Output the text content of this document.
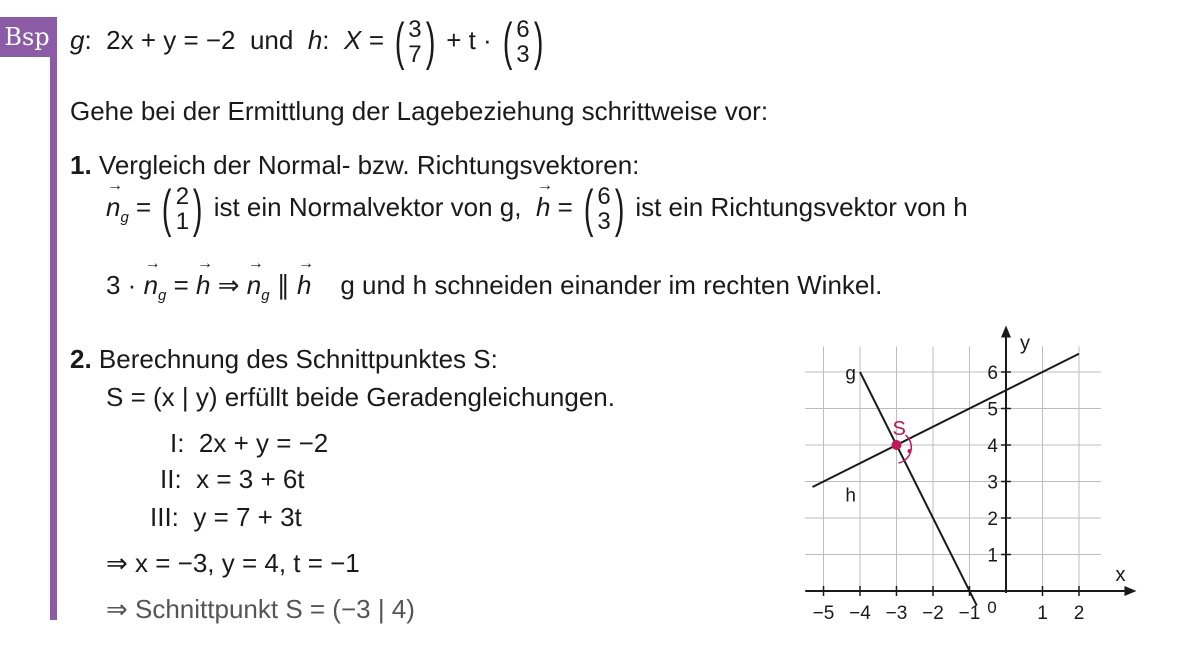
Bsp g:  2x + y = −2 und h:  X = ( 3
7 ) + t · ( 6
3 )
Gehe bei der Ermittlung der Lagebeziehung schrittweise vor:
1. Vergleich der Normal- bzw. Richtungsvektoren:
→ $n_g$ = ( 2
1 ) ist ein Normalvektor von g,  → h = ( 6
3 ) ist ein Richtungsvektor von h
3 · → $n_g$ = → h ⇒ → $n_g$ ∥ → h g und h schneiden einander im rechten Winkel.
2. Berechnung des Schnittpunktes S:
S = (x | y) erfüllt beide Geradengleichungen.
I: 2x + y = −2
II: x = 3 + 6t
III: y = 7 + 3t
⇒ x = −3, y = 4, t = −1
⇒ Schnittpunkt S = (−3 | 4)	−5 −4 −3 −2 −1	1 2
1
2
3
4
5
6
0
x
y
g
h
S
